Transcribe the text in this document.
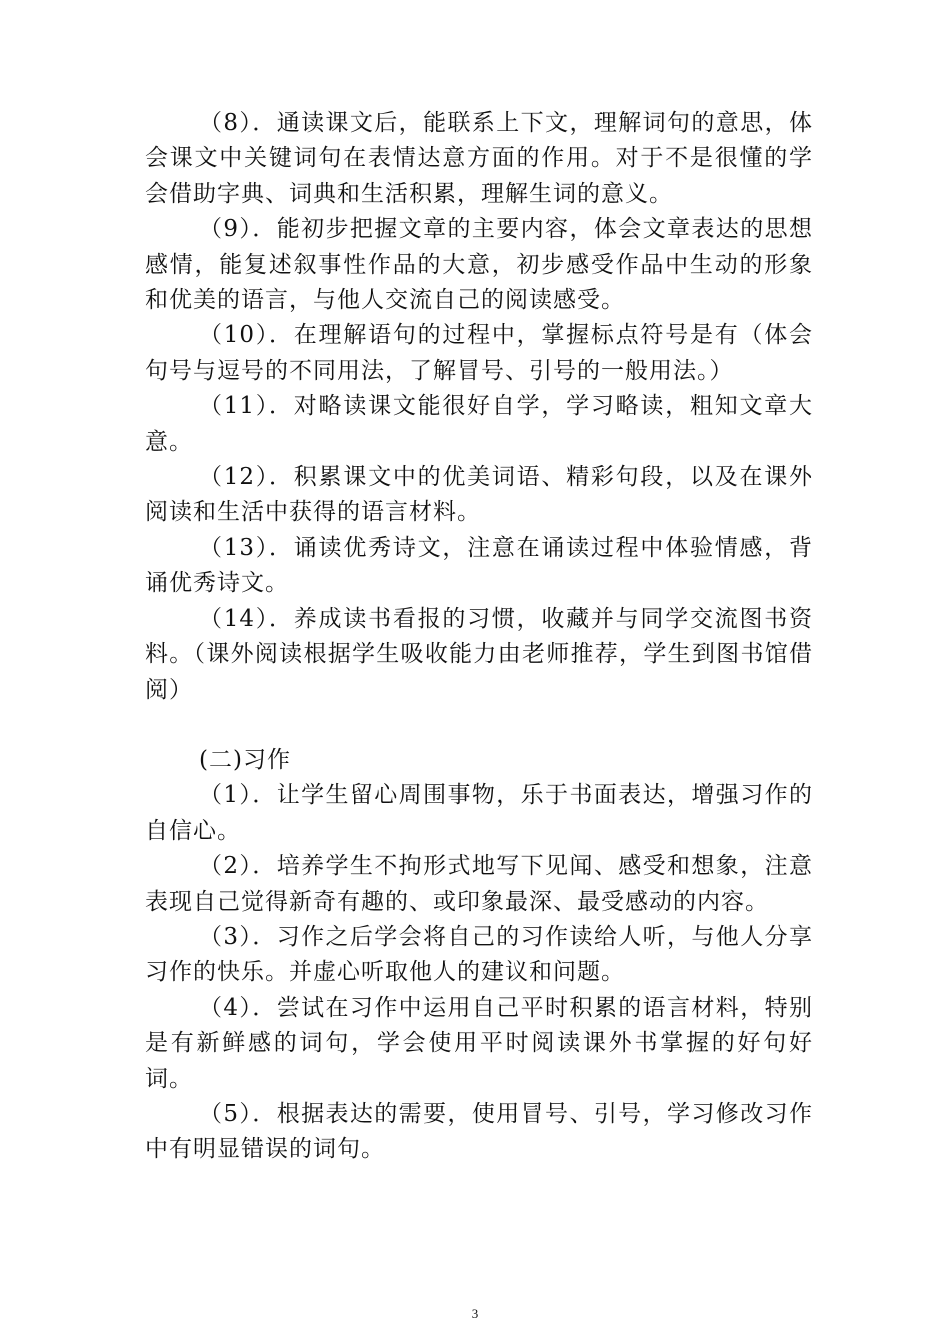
（8）．通读课文后，能联系上下文，理解词句的意思，体会课文中关键词句在表情达意方面的作用。对于不是很懂的学会借助字典、词典和生活积累，理解生词的意义。

（9）．能初步把握文章的主要内容，体会文章表达的思想感情，能复述叙事性作品的大意，初步感受作品中生动的形象和优美的语言，与他人交流自己的阅读感受。

（10）．在理解语句的过程中，掌握标点符号是有（体会句号与逗号的不同用法，了解冒号、引号的一般用法。）

（11）．对略读课文能很好自学，学习略读，粗知文章大意。

（12）．积累课文中的优美词语、精彩句段，以及在课外阅读和生活中获得的语言材料。

（13）．诵读优秀诗文，注意在诵读过程中体验情感，背诵优秀诗文。

（14）．养成读书看报的习惯，收藏并与同学交流图书资料。（课外阅读根据学生吸收能力由老师推荐，学生到图书馆借阅）

(二)习作

（1）．让学生留心周围事物，乐于书面表达，增强习作的自信心。

（2）．培养学生不拘形式地写下见闻、感受和想象，注意表现自己觉得新奇有趣的、或印象最深、最受感动的内容。

（3）．习作之后学会将自己的习作读给人听，与他人分享习作的快乐。并虚心听取他人的建议和问题。

（4）．尝试在习作中运用自己平时积累的语言材料，特别是有新鲜感的词句，学会使用平时阅读课外书掌握的好句好词。

（5）．根据表达的需要，使用冒号、引号，学习修改习作中有明显错误的词句。

3
